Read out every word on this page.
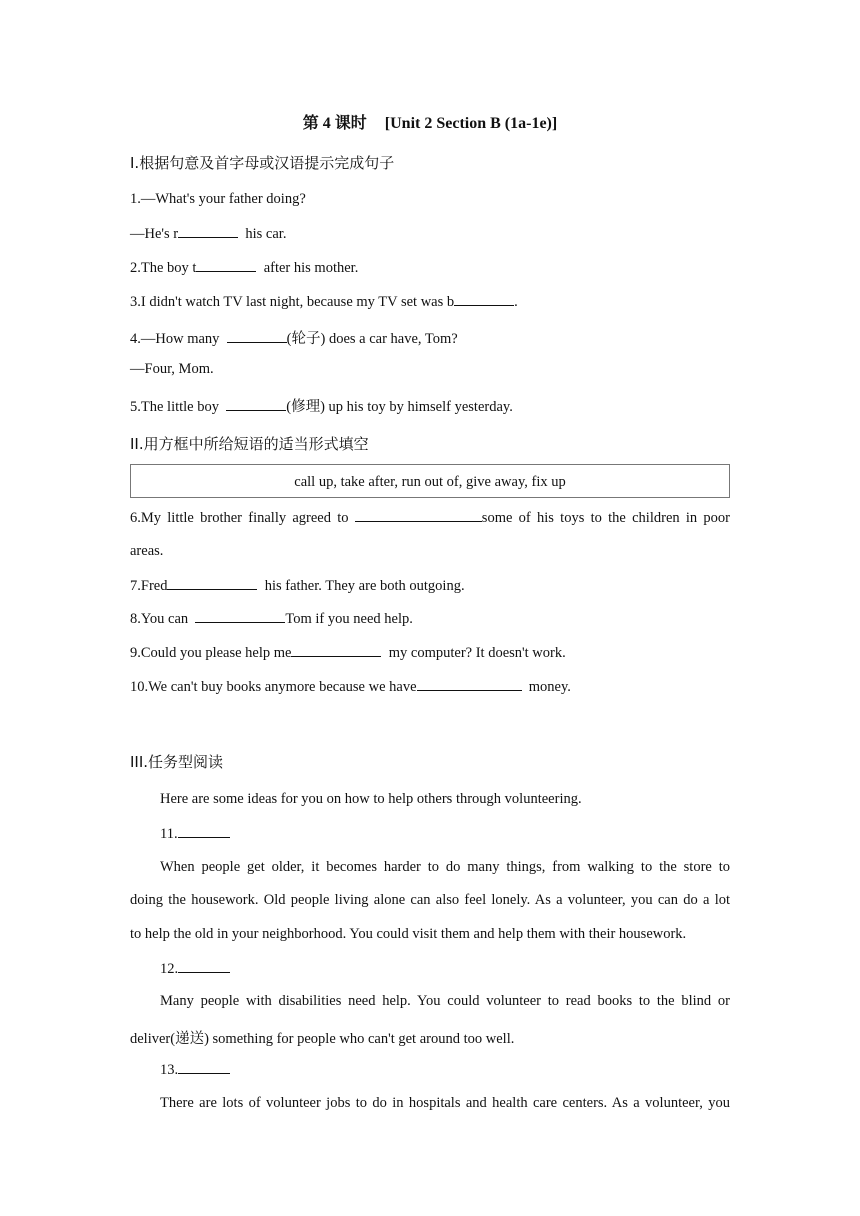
第 4 课时 [Unit 2 Section B (1a-1e)]
I.根据句意及首字母或汉语提示完成句子
1.—What's your father doing?
—He's r	his car.
2.The boy t	after his mother.
3.I didn't watch TV last night, because my TV set was b	.
4.—How many	(轮子) does a car have, Tom?
—Four, Mom.
5.The little boy	(修理) up his toy by himself yesterday.
II.用方框中所给短语的适当形式填空
call up, take after, run out of, give away, fix up
6.My little brother finally agreed to	some of his toys to the children in poor
areas.
7.Fred	his father. They are both outgoing.
8.You can	Tom if you need help.
9.Could you please help me	my computer? It doesn't work.
10.We can't buy books anymore because we have	money.
III.任务型阅读
Here are some ideas for you on how to help others through volunteering.
11.
When people get older, it becomes harder to do many things, from walking to the store to
doing the housework. Old people living alone can also feel lonely. As a volunteer, you can do a lot
to help the old in your neighborhood. You could visit them and help them with their housework.
12.
Many people with disabilities need help. You could volunteer to read books to the blind or
deliver(递送) something for people who can't get around too well.
13.
There are lots of volunteer jobs to do in hospitals and health care centers. As a volunteer, you
